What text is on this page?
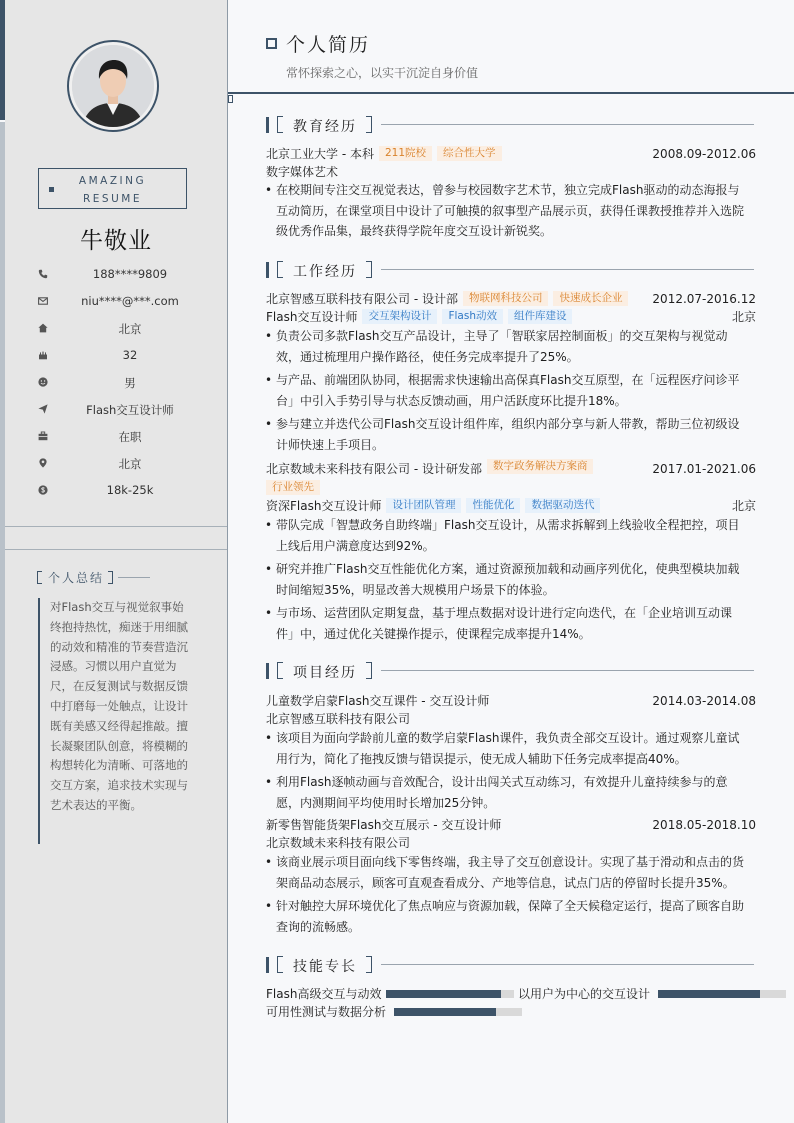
AMAZING
RESUME
牛敬业
188****9809
niu****@***.com
北京
32
男
Flash交互设计师
在职
北京
18k-25k
个人总结
对Flash交互与视觉叙事始终抱持热忱，痴迷于用细腻的动效和精准的节奏营造沉浸感。习惯以用户直觉为尺，在反复测试与数据反馈中打磨每一处触点，让设计既有美感又经得起推敲。擅长凝聚团队创意，将模糊的构想转化为清晰、可落地的交互方案，追求技术实现与艺术表达的平衡。
个人简历
常怀探索之心，以实干沉淀自身价值
教育经历
北京工业大学 - 本科 211院校 综合性大学	2008.09-2012.06
数字媒体艺术
• 在校期间专注交互视觉表达，曾参与校园数字艺术节，独立完成Flash驱动的动态海报与互动简历，在课堂项目中设计了可触摸的叙事型产品展示页，获得任课教授推荐并入选院级优秀作品集，最终获得学院年度交互设计新锐奖。
工作经历
北京智感互联科技有限公司 - 设计部 物联网科技公司 快速成长企业 2012.07-2016.12
Flash交互设计师 交互架构设计 Flash动效 组件库建设	北京
• 负责公司多款Flash交互产品设计，主导了「智联家居控制面板」的交互架构与视觉动效，通过梳理用户操作路径，使任务完成率提升了25%。
• 与产品、前端团队协同，根据需求快速输出高保真Flash交互原型，在「远程医疗问诊平台」中引入手势引导与状态反馈动画，用户活跃度环比提升18%。
• 参与建立并迭代公司Flash交互设计组件库，组织内部分享与新人带教，帮助三位初级设计师快速上手项目。
北京数域未来科技有限公司 - 设计研发部 数字政务解决方案商
行业领先
2017.01-2021.06
资深Flash交互设计师 设计团队管理 性能优化 数据驱动迭代	北京
• 带队完成「智慧政务自助终端」Flash交互设计，从需求拆解到上线验收全程把控，项目上线后用户满意度达到92%。
• 研究并推广Flash交互性能优化方案，通过资源预加载和动画序列优化，使典型模块加载时间缩短35%，明显改善大规模用户场景下的体验。
• 与市场、运营团队定期复盘，基于埋点数据对设计进行定向迭代，在「企业培训互动课件」中，通过优化关键操作提示，使课程完成率提升14%。
项目经历
儿童数学启蒙Flash交互课件 - 交互设计师	2014.03-2014.08
北京智感互联科技有限公司
• 该项目为面向学龄前儿童的数学启蒙Flash课件，我负责全部交互设计。通过观察儿童试用行为，简化了拖拽反馈与错误提示，使无成人辅助下任务完成率提高40%。
• 利用Flash逐帧动画与音效配合，设计出闯关式互动练习，有效提升儿童持续参与的意愿，内测期间平均使用时长增加25分钟。
新零售智能货架Flash交互展示 - 交互设计师	2018.05-2018.10
北京数域未来科技有限公司
• 该商业展示项目面向线下零售终端，我主导了交互创意设计。实现了基于滑动和点击的货架商品动态展示，顾客可直观查看成分、产地等信息，试点门店的停留时长提升35%。
• 针对触控大屏环境优化了焦点响应与资源加载，保障了全天候稳定运行，提高了顾客自助查询的流畅感。
技能专长
Flash高级交互与动效	以用户为中心的交互设计
可用性测试与数据分析
